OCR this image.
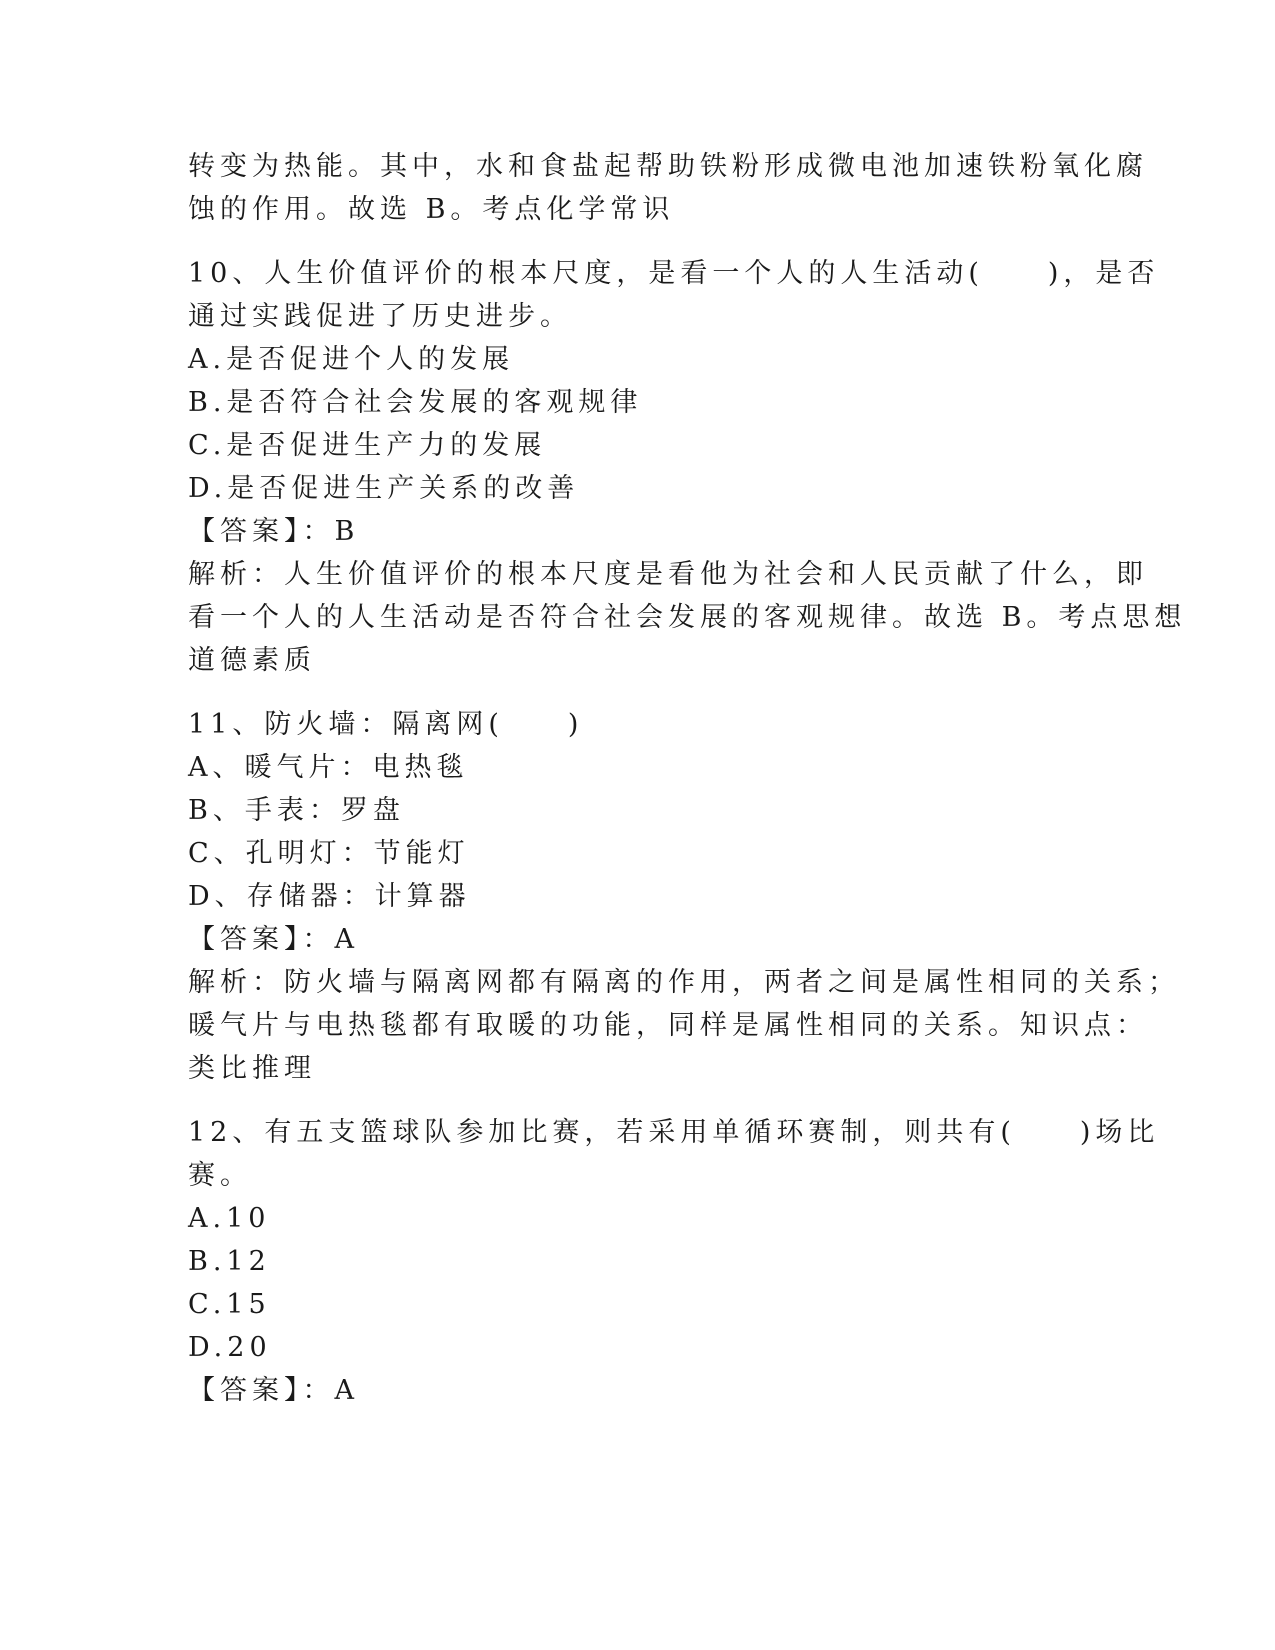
转变为热能。其中，水和食盐起帮助铁粉形成微电池加速铁粉氧化腐
蚀的作用。故选 B。考点化学常识
10、人生价值评价的根本尺度，是看一个人的人生活动(　　)，是否
通过实践促进了历史进步。
A.是否促进个人的发展
B.是否符合社会发展的客观规律
C.是否促进生产力的发展
D.是否促进生产关系的改善
【答案】：B
解析：人生价值评价的根本尺度是看他为社会和人民贡献了什么，即
看一个人的人生活动是否符合社会发展的客观规律。故选 B。考点思想
道德素质
11、防火墙：隔离网(　　)
A、暖气片：电热毯
B、手表：罗盘
C、孔明灯：节能灯
D、存储器：计算器
【答案】：A
解析：防火墙与隔离网都有隔离的作用，两者之间是属性相同的关系；
暖气片与电热毯都有取暖的功能，同样是属性相同的关系。知识点：
类比推理
12、有五支篮球队参加比赛，若采用单循环赛制，则共有(　　)场比
赛。
A.10
B.12
C.15
D.20
【答案】：A
